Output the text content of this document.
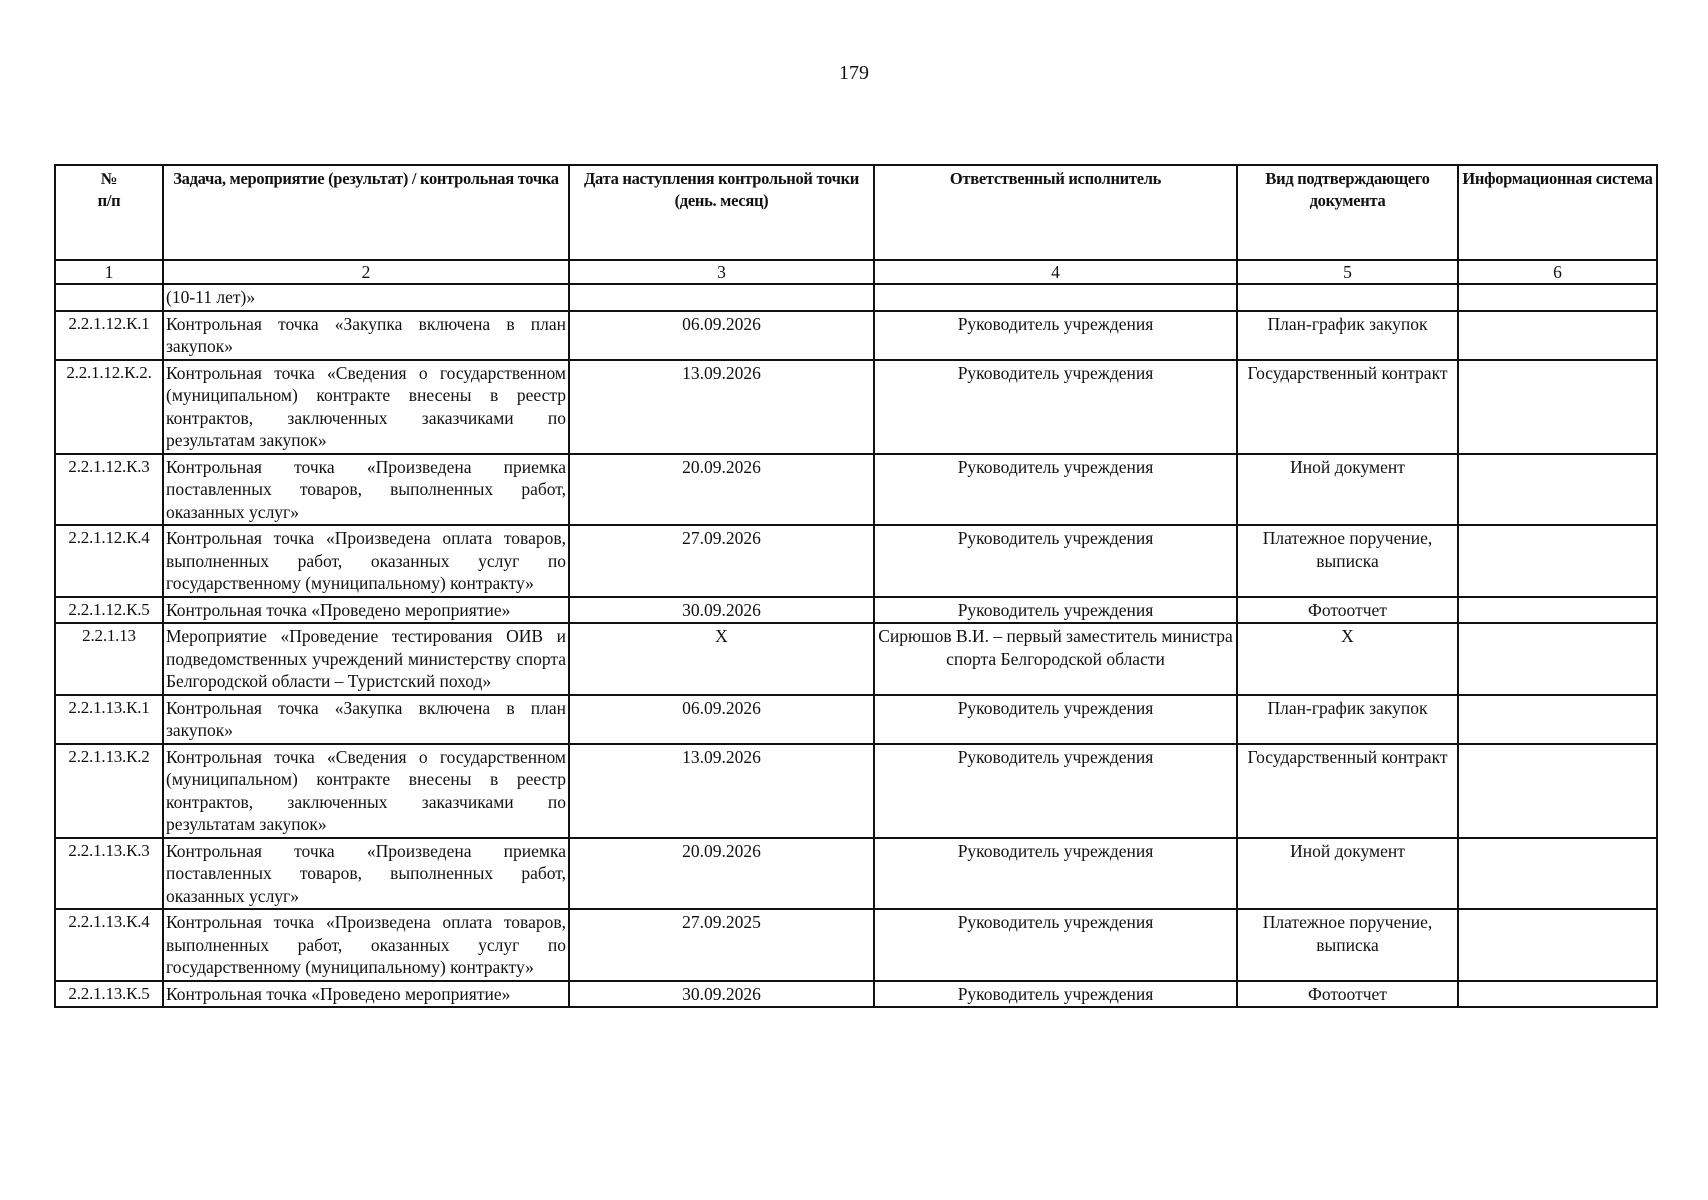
179
№
п/п	Задача, мероприятие (результат) / контрольная точка	Дата наступления контрольной точки (день. месяц)	Ответственный исполнитель	Вид подтверждающего документа	Информационная система
1	2	3	4	5	6
	(10-11 лет)»				
2.2.1.12.К.1	Контрольная точка «Закупка включена в план закупок»	06.09.2026	Руководитель учреждения	План-график закупок	
2.2.1.12.К.2.	Контрольная точка «Сведения о государственном (муниципальном) контракте внесены в реестр контрактов, заключенных заказчиками по результатам закупок»	13.09.2026	Руководитель учреждения	Государственный контракт	
2.2.1.12.К.3	Контрольная точка «Произведена приемка поставленных товаров, выполненных работ, оказанных услуг»	20.09.2026	Руководитель учреждения	Иной документ	
2.2.1.12.К.4	Контрольная точка «Произведена оплата товаров, выполненных работ, оказанных услуг по государственному (муниципальному) контракту»	27.09.2026	Руководитель учреждения	Платежное поручение, выписка	
2.2.1.12.К.5	Контрольная точка «Проведено мероприятие»	30.09.2026	Руководитель учреждения	Фотоотчет	
2.2.1.13	Мероприятие «Проведение тестирования ОИВ и подведомственных учреждений министерству спорта Белгородской области – Туристский поход»	Х	Сирюшов В.И. – первый заместитель министра спорта Белгородской области	Х	
2.2.1.13.К.1	Контрольная точка «Закупка включена в план закупок»	06.09.2026	Руководитель учреждения	План-график закупок	
2.2.1.13.К.2	Контрольная точка «Сведения о государственном (муниципальном) контракте внесены в реестр контрактов, заключенных заказчиками по результатам закупок»	13.09.2026	Руководитель учреждения	Государственный контракт	
2.2.1.13.К.3	Контрольная точка «Произведена приемка поставленных товаров, выполненных работ, оказанных услуг»	20.09.2026	Руководитель учреждения	Иной документ	
2.2.1.13.К.4	Контрольная точка «Произведена оплата товаров, выполненных работ, оказанных услуг по государственному (муниципальному) контракту»	27.09.2025	Руководитель учреждения	Платежное поручение, выписка	
2.2.1.13.К.5	Контрольная точка «Проведено мероприятие»	30.09.2026	Руководитель учреждения	Фотоотчет	
